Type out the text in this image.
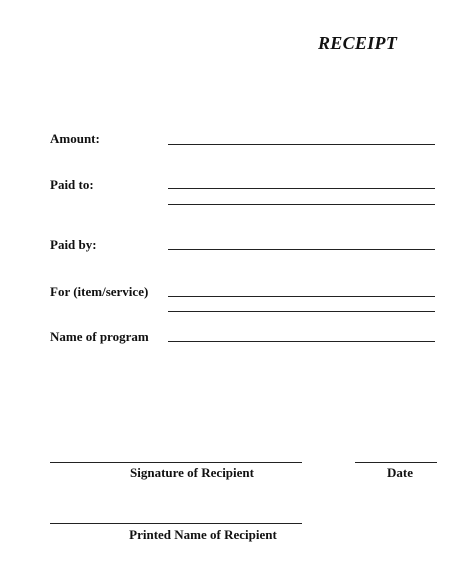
RECEIPT
Amount:
Paid to:
Paid by:
For (item/service)
Name of program
Signature of Recipient	Date
Printed Name of Recipient
